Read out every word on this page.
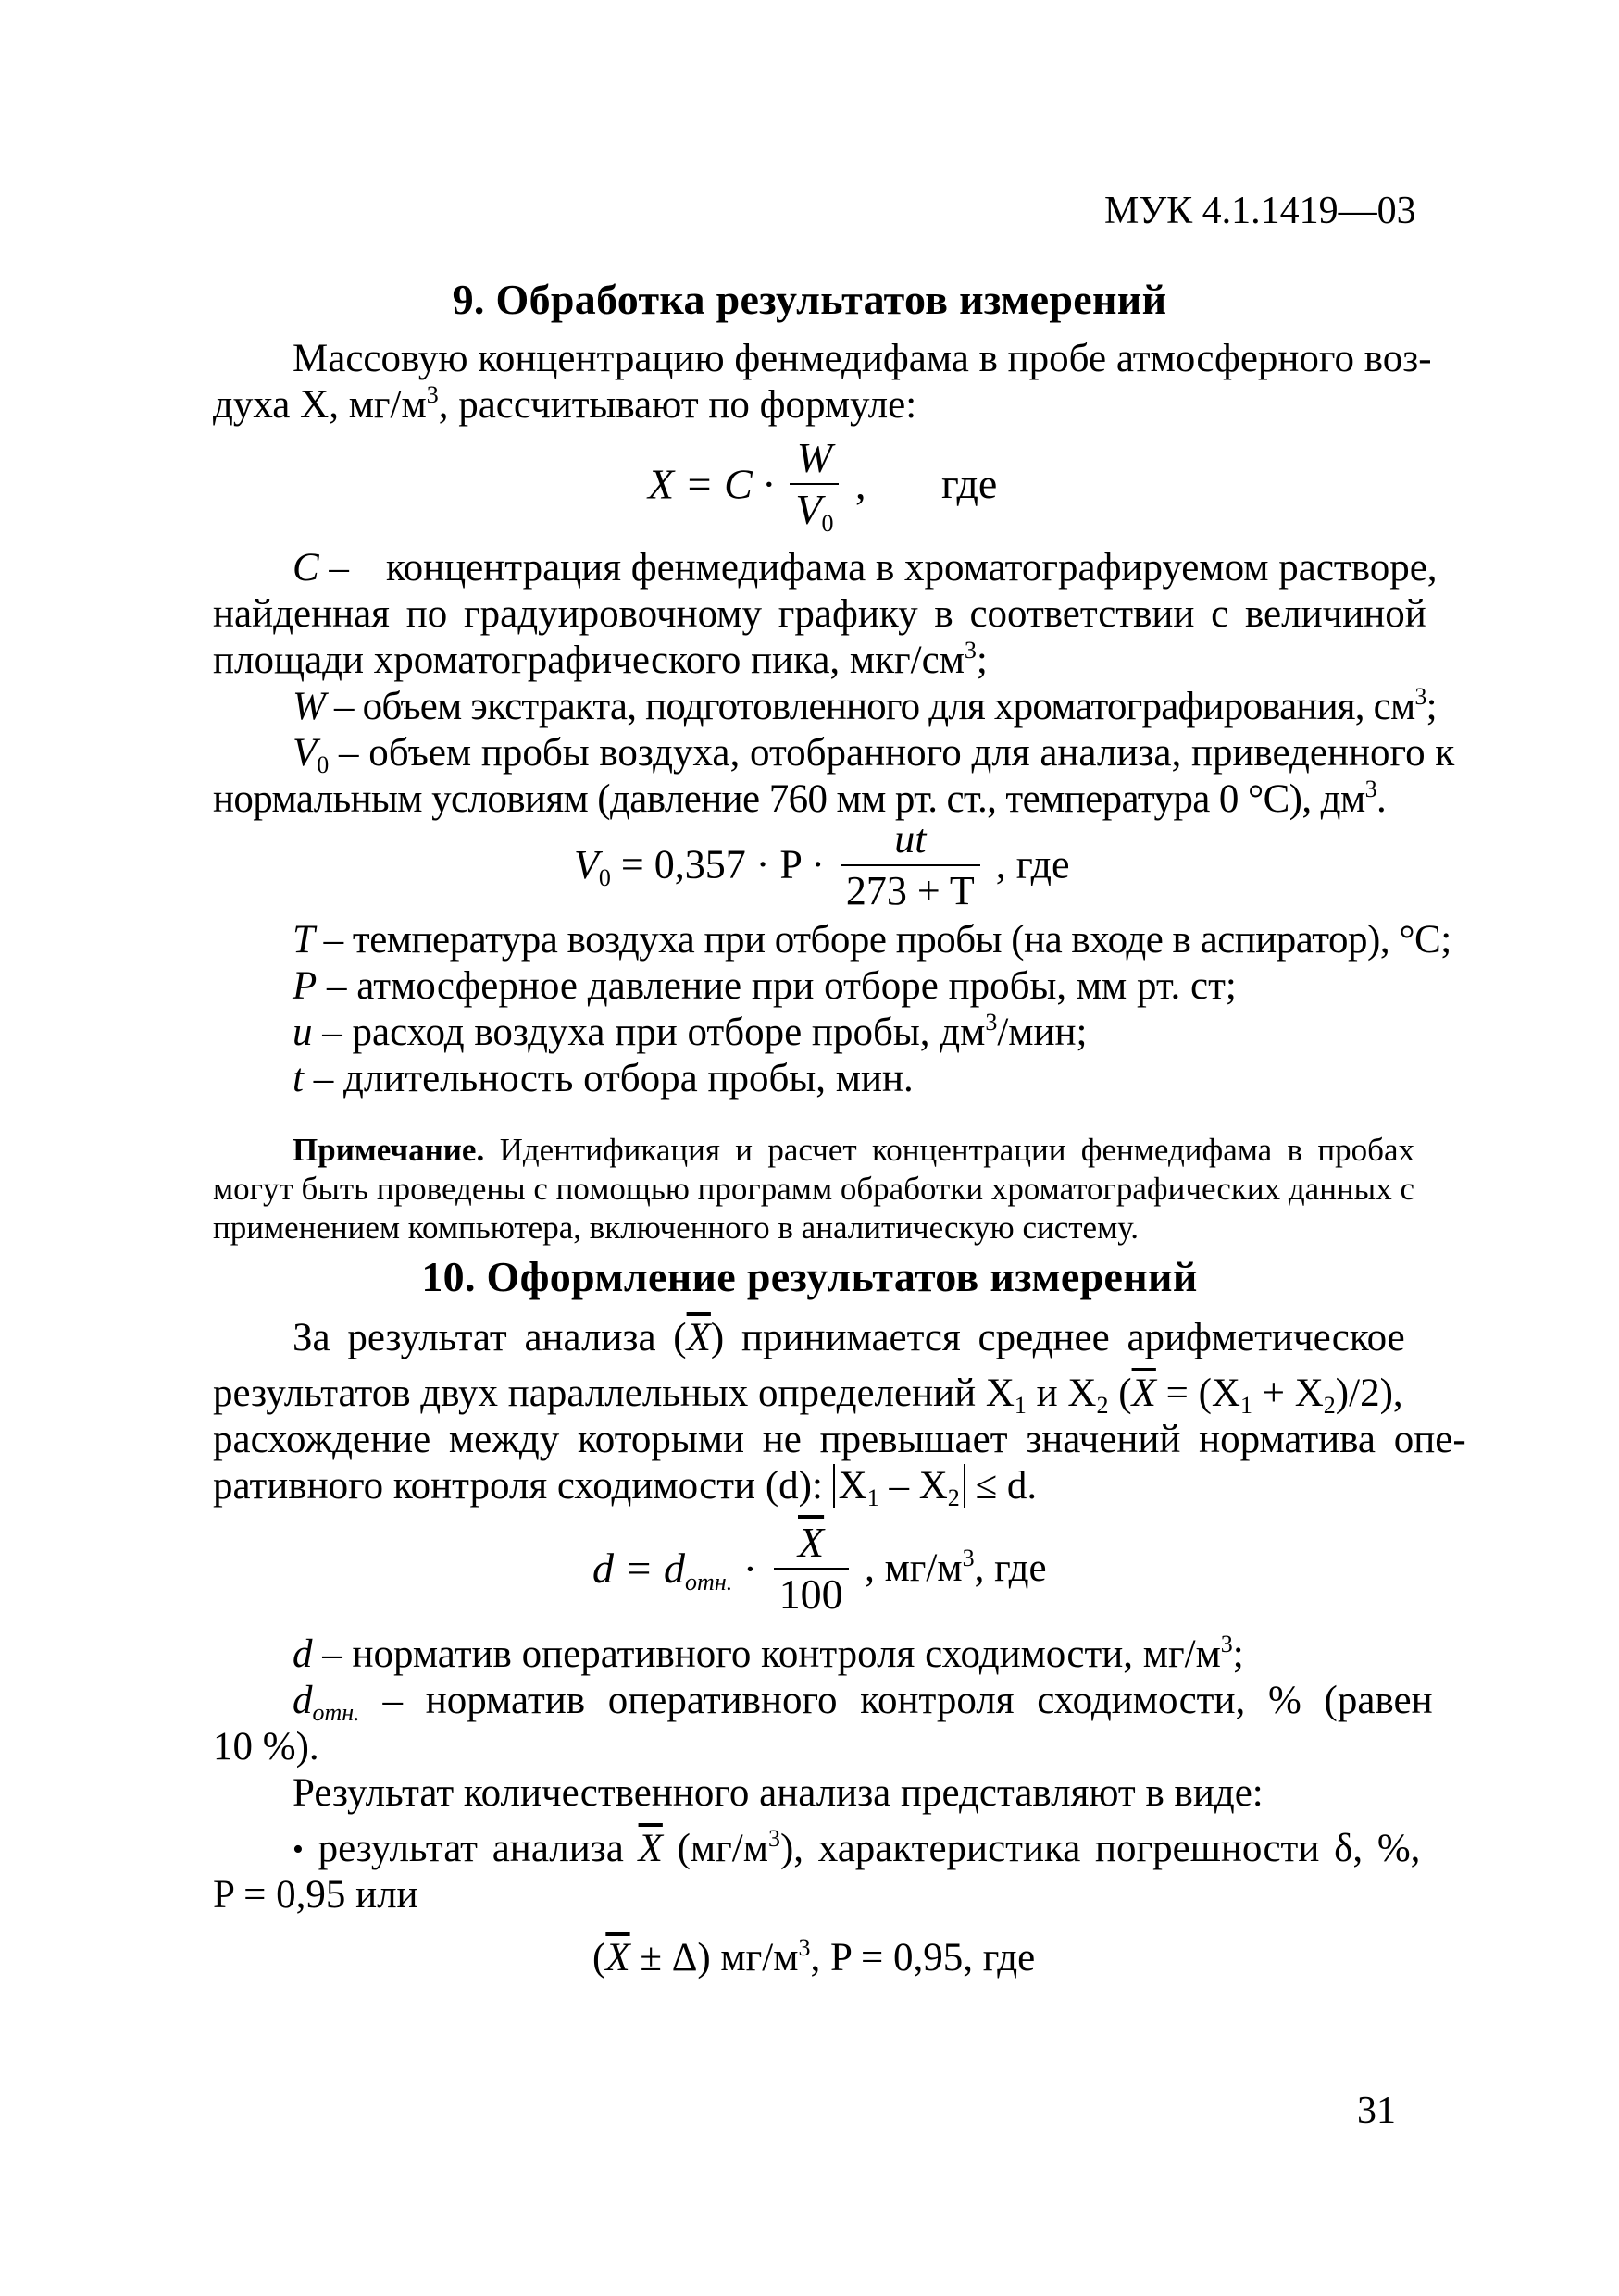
МУК 4.1.1419—03
9. Обработка результатов измерений
Массовую концентрацию фенмедифама в пробе атмосферного воз-
духа X, $мг/м^3$, рассчитывают по формуле:
$X = C \cdot \frac{W}{V_0}$ , где
C – концентрация фенмедифама в хроматографируемом растворе,
найденная по градуировочному графику в соответствии с величиной
площади хроматографического пика, мкг/$см^3$;
W – объем экстракта, подготовленного для хроматографирования, $см^3$;
$V_0$ – объем пробы воздуха, отобранного для анализа, приведенного к
нормальным условиям (давление 760 мм рт. ст., температура 0 °C), $дм^3$.
$V_0 = 0,357 \cdot P \cdot \frac{ut}{273 + T}$ , где
T – температура воздуха при отборе пробы (на входе в аспиратор), °C;
P – атмосферное давление при отборе пробы, мм рт. ст;
u – расход воздуха при отборе пробы, $дм^3$/мин;
t – длительность отбора пробы, мин.
Примечание. Идентификация и расчет концентрации фенмедифама в пробах могут быть проведены с помощью программ обработки хроматографических данных с применением компьютера, включенного в аналитическую систему.
10. Оформление результатов измерений
За результат анализа $(\overline{X})$ принимается среднее арифметическое
результатов двух параллельных определений $X_1$ и $X_2$ $(\overline{X} = (X_1 + X_2)/2)$,
расхождение между которыми не превышает значений норматива опе-
ративного контроля сходимости (d): $X_1 - X_2 \le d$.
$d = d_{отн.} \cdot \frac{\overline{X}}{100}$ , $мг/м^3$, где
d – норматив оперативного контроля сходимости, $мг/м^3$;
$d_{отн.}$ – норматив оперативного контроля сходимости, % (равен
10 %).
Результат количественного анализа представляют в виде:
• результат анализа $\overline{X}$ $(мг/м^3)$, характеристика погрешности δ, %,
P = 0,95 или
$(\overline{X} \pm \Delta)$ $мг/м^3$, P = 0,95, где
31
